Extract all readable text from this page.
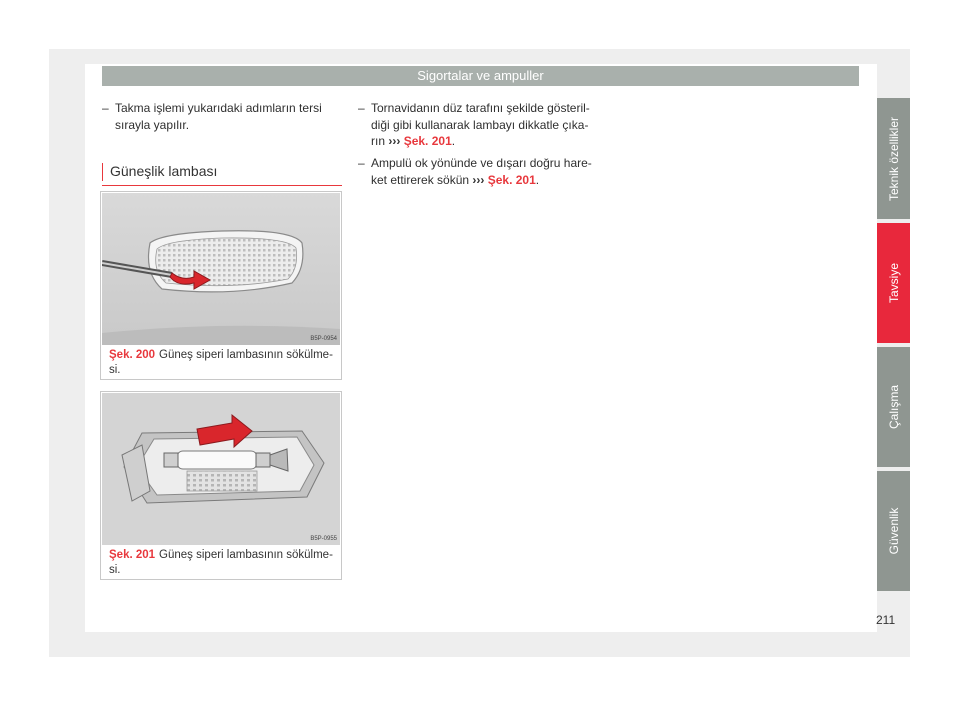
Sigortalar ve ampuller
– Takma işlemi yukarıdaki adımların tersi
sırayla yapılır.
Güneşlik lambası
B5P-0954
Şek. 200 Güneş siperi lambasının sökülme-
si.
B5P-0955
Şek. 201 Güneş siperi lambasının sökülme-
si.
– Tornavidanın düz tarafını şekilde gösteril-
diği gibi kullanarak lambayı dikkatle çıka-
rın ››› Şek. 201.
– Ampulü ok yönünde ve dışarı doğru hare-
ket ettirerek sökün ››› Şek. 201.	Teknik özellikler
Tavsiye
Çalışma
Güvenlik
211
